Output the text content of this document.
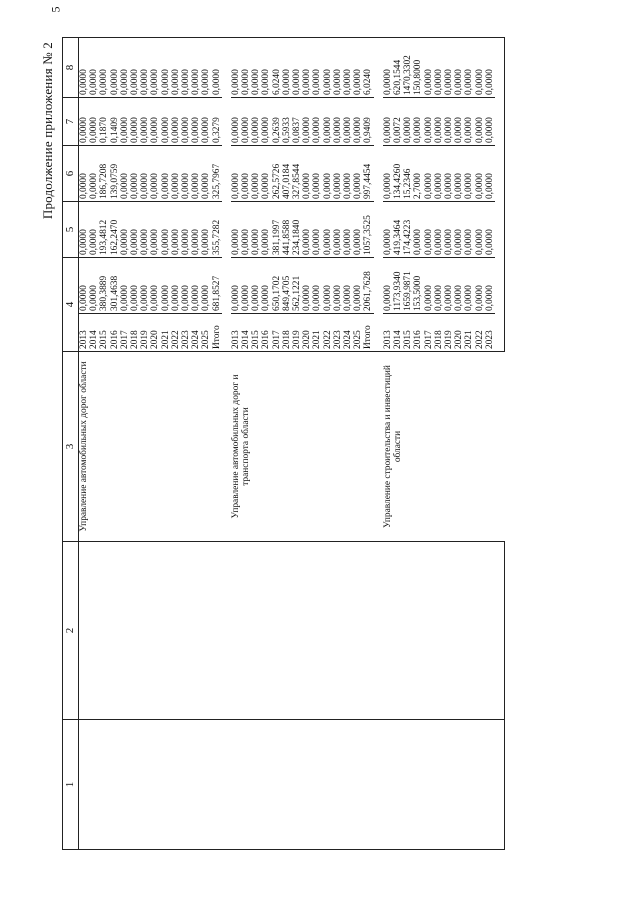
5
Продолжение приложения № 2
1	2	3	4		5	6	7	8
		Управление автомобильных дорог области	2013	0,0000	0,0000	0,0000	0,0000	0,0000
			2014	0,0000	0,0000	0,0000	0,0000	0,0000
			2015	380,3889	193,4812	186,7208	0,1870	0,0000
			2016	301,4638	162,2470	139,0759	0,1409	0,0000
			2017	0,0000	0,0000	0,0000	0,0000	0,0000
			2018	0,0000	0,0000	0,0000	0,0000	0,0000
			2019	0,0000	0,0000	0,0000	0,0000	0,0000
			2020	0,0000	0,0000	0,0000	0,0000	0,0000
			2021	0,0000	0,0000	0,0000	0,0000	0,0000
			2022	0,0000	0,0000	0,0000	0,0000	0,0000
			2023	0,0000	0,0000	0,0000	0,0000	0,0000
			2024	0,0000	0,0000	0,0000	0,0000	0,0000
			2025	0,0000	0,0000	0,0000	0,0000	0,0000
			Итого	681,8527	355,7282	325,7967	0,3279	0,0000

		Управление автомобильных дорог и транспорта области	2013	0,0000	0,0000	0,0000	0,0000	0,0000
			2014	0,0000	0,0000	0,0000	0,0000	0,0000
			2015	0,0000	0,0000	0,0000	0,0000	0,0000
			2016	0,0000	0,0000	0,0000	0,0000	0,0000
			2017	650,1702	381,1997	262,5726	0,2639	6,0240
			2018	849,4705	441,8588	407,0184	0,5933	0,0000
			2019	562,1221	234,1840	327,8544	0,0837	0,0000
			2020	0,0000	0,0000	0,0000	0,0000	0,0000
			2021	0,0000	0,0000	0,0000	0,0000	0,0000
			2022	0,0000	0,0000	0,0000	0,0000	0,0000
			2023	0,0000	0,0000	0,0000	0,0000	0,0000
			2024	0,0000	0,0000	0,0000	0,0000	0,0000
			2025	0,0000	0,0000	0,0000	0,0000	0,0000
			Итого	2061,7628	1057,3525	997,4454	0,9409	6,0240

		Управление строительства и инвестиций области	2013	0,0000	0,0000	0,0000	0,0000	0,0000
			2014	1173,9340	419,3464	134,4260	0,0072	620,1544
			2015	1659,9871	174,4223	15,2346	0,0000	1470,3302
			2016	153,5000	0,0000	2,7000	0,0000	150,8000
			2017	0,0000	0,0000	0,0000	0,0000	0,0000
			2018	0,0000	0,0000	0,0000	0,0000	0,0000
			2019	0,0000	0,0000	0,0000	0,0000	0,0000
			2020	0,0000	0,0000	0,0000	0,0000	0,0000
			2021	0,0000	0,0000	0,0000	0,0000	0,0000
			2022	0,0000	0,0000	0,0000	0,0000	0,0000
			2023	0,0000	0,0000	0,0000	0,0000	0,0000
